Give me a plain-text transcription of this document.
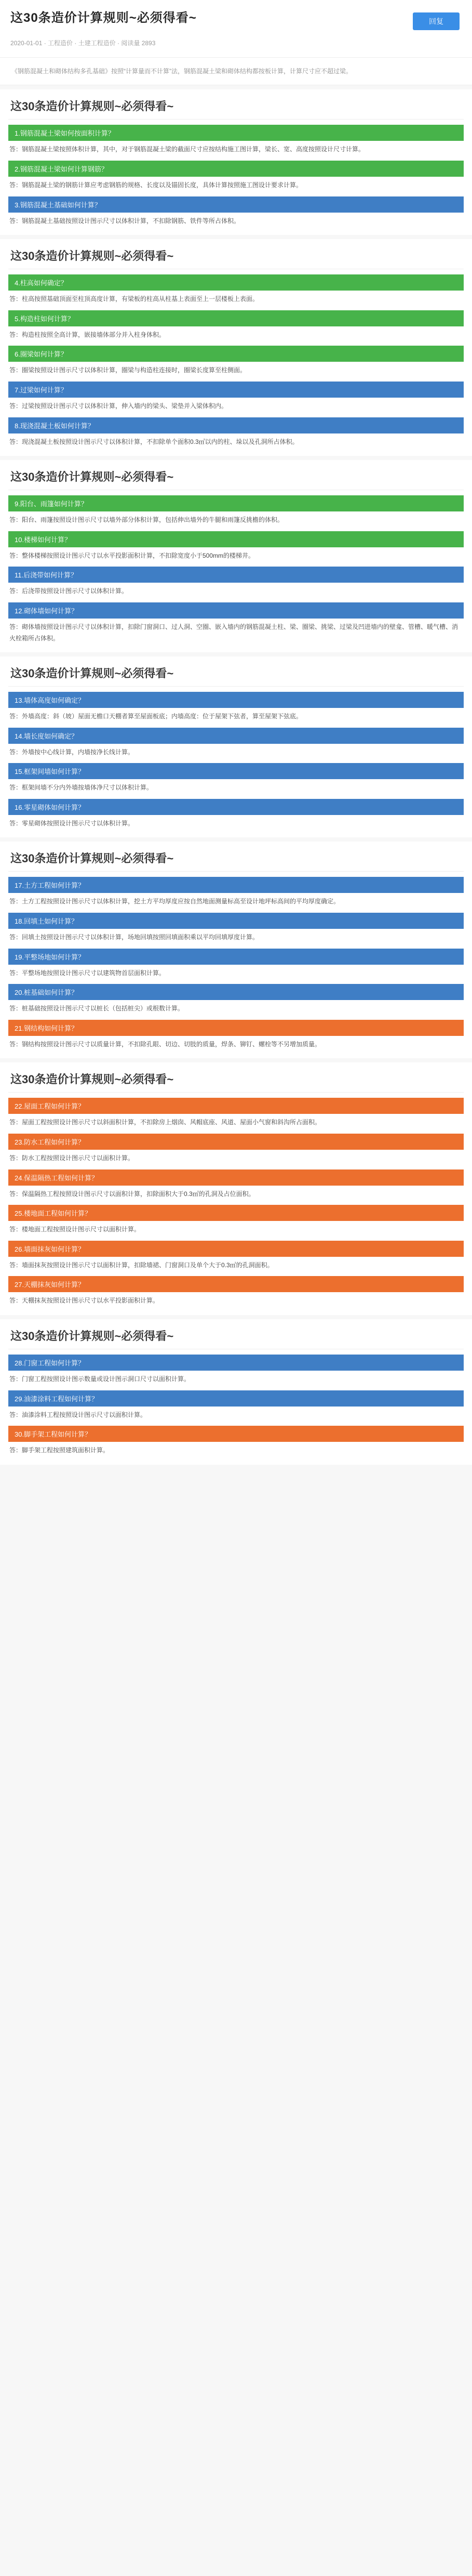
这30条造价计算规则~必须得看~	回复
2020-01-01 · 工程造价 · 土建工程造价 · 阅读量 2893
《钢筋混凝土和砌体结构多孔基础》按照“计算量而不计算”法，钢筋混凝土梁和砌体结构都按板计算，计算尺寸应不超过梁。
这30条造价计算规则~必须得看~
1.钢筋混凝土梁如何按面积计算？
答：钢筋混凝土梁按照体积计算，其中，对于钢筋混凝土梁的截面尺寸应按结构施工图计算，梁长、宽、高度按照设计尺寸计算。
2.钢筋混凝土梁如何计算钢筋？
答：钢筋混凝土梁的钢筋计算应考虑钢筋的规格、长度以及锚固长度，具体计算按照施工图设计要求计算。
3.钢筋混凝土基础如何计算？
答：钢筋混凝土基础按照设计图示尺寸以体积计算，不扣除钢筋、铁件等所占体积。
这30条造价计算规则~必须得看~
4.柱高如何确定？
答：柱高按照基础顶面至柱顶高度计算，有梁板的柱高从柱基上表面至上一层楼板上表面。
5.构造柱如何计算？
答：构造柱按照全高计算，嵌接墙体部分并入柱身体积。
6.圈梁如何计算？
答：圈梁按照设计图示尺寸以体积计算，圈梁与构造柱连接时，圈梁长度算至柱侧面。
7.过梁如何计算？
答：过梁按照设计图示尺寸以体积计算，伸入墙内的梁头、梁垫并入梁体积内。
8.现浇混凝土板如何计算？
答：现浇混凝土板按照设计图示尺寸以体积计算，不扣除单个面积0.3㎡以内的柱、垛以及孔洞所占体积。
这30条造价计算规则~必须得看~
9.阳台、雨篷如何计算？
答：阳台、雨篷按照设计图示尺寸以墙外部分体积计算，包括伸出墙外的牛腿和雨篷反挑檐的体积。
10.楼梯如何计算？
答：整体楼梯按照设计图示尺寸以水平投影面积计算，不扣除宽度小于500mm的楼梯井。
11.后浇带如何计算？
答：后浇带按照设计图示尺寸以体积计算。
12.砌体墙如何计算？
答：砌体墙按照设计图示尺寸以体积计算，扣除门窗洞口、过人洞、空圈、嵌入墙内的钢筋混凝土柱、梁、圈梁、挑梁、过梁及凹进墙内的壁龛、管槽、暖气槽、消火栓箱所占体积。
这30条造价计算规则~必须得看~
13.墙体高度如何确定？
答：外墙高度：斜（坡）屋面无檐口天棚者算至屋面板底；内墙高度：位于屋架下弦者，算至屋架下弦底。
14.墙长度如何确定？
答：外墙按中心线计算，内墙按净长线计算。
15.框架间墙如何计算？
答：框架间墙不分内外墙按墙体净尺寸以体积计算。
16.零星砌体如何计算？
答：零星砌体按照设计图示尺寸以体积计算。
这30条造价计算规则~必须得看~
17.土方工程如何计算？
答：土方工程按照设计图示尺寸以体积计算，挖土方平均厚度应按自然地面测量标高至设计地坪标高间的平均厚度确定。
18.回填土如何计算？
答：回填土按照设计图示尺寸以体积计算，场地回填按照回填面积乘以平均回填厚度计算。
19.平整场地如何计算？
答：平整场地按照设计图示尺寸以建筑物首层面积计算。
20.桩基础如何计算？
答：桩基础按照设计图示尺寸以桩长（包括桩尖）或根数计算。
21.钢结构如何计算？
答：钢结构按照设计图示尺寸以质量计算，不扣除孔眼、切边、切肢的质量，焊条、铆钉、螺栓等不另增加质量。
这30条造价计算规则~必须得看~
22.屋面工程如何计算？
答：屋面工程按照设计图示尺寸以斜面积计算，不扣除房上烟囱、风帽底座、风道、屋面小气窗和斜沟所占面积。
23.防水工程如何计算？
答：防水工程按照设计图示尺寸以面积计算。
24.保温隔热工程如何计算？
答：保温隔热工程按照设计图示尺寸以面积计算，扣除面积大于0.3㎡的孔洞及占位面积。
25.楼地面工程如何计算？
答：楼地面工程按照设计图示尺寸以面积计算。
26.墙面抹灰如何计算？
答：墙面抹灰按照设计图示尺寸以面积计算，扣除墙裙、门窗洞口及单个大于0.3㎡的孔洞面积。
27.天棚抹灰如何计算？
答：天棚抹灰按照设计图示尺寸以水平投影面积计算。
这30条造价计算规则~必须得看~
28.门窗工程如何计算？
答：门窗工程按照设计图示数量或设计图示洞口尺寸以面积计算。
29.油漆涂料工程如何计算？
答：油漆涂料工程按照设计图示尺寸以面积计算。
30.脚手架工程如何计算？
答：脚手架工程按照建筑面积计算。
